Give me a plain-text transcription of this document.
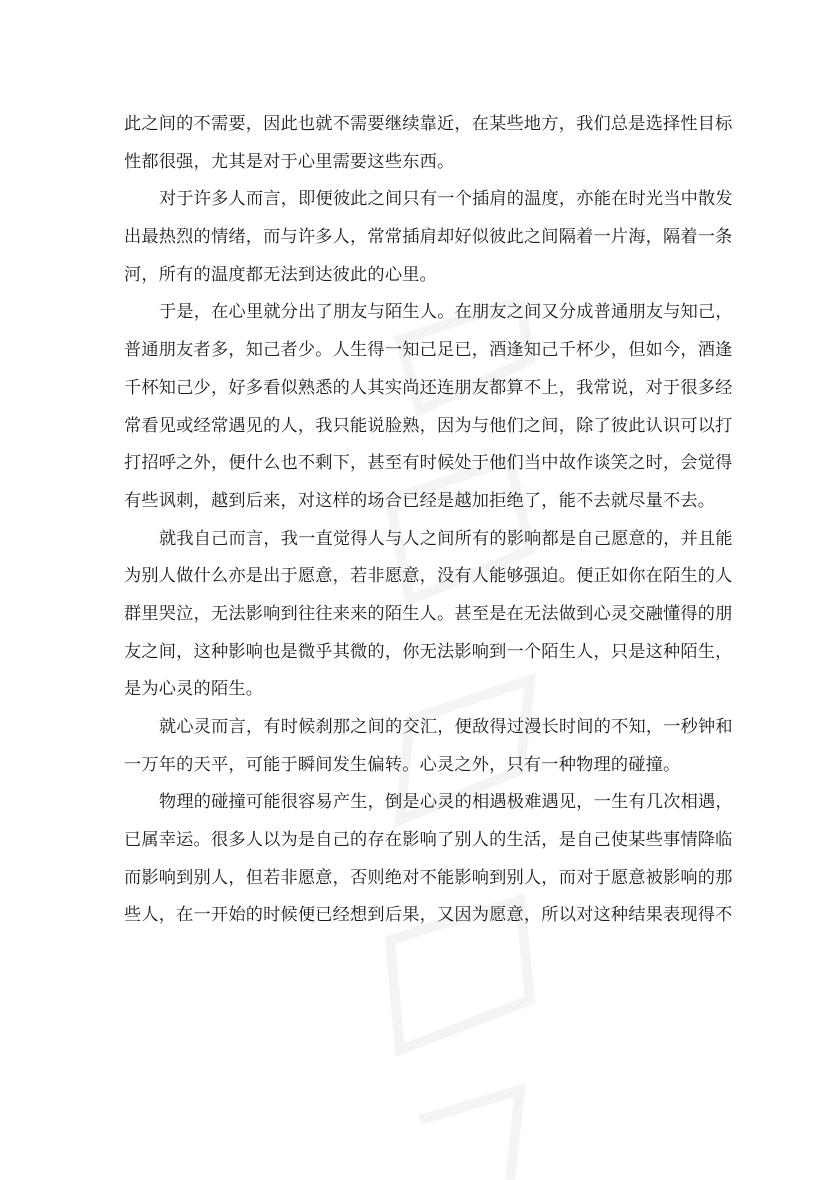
此之间的不需要，因此也就不需要继续靠近，在某些地方，我们总是选择性目标
性都很强，尤其是对于心里需要这些东西。
对于许多人而言，即便彼此之间只有一个插肩的温度，亦能在时光当中散发
出最热烈的情绪，而与许多人，常常插肩却好似彼此之间隔着一片海，隔着一条
河，所有的温度都无法到达彼此的心里。
于是，在心里就分出了朋友与陌生人。在朋友之间又分成普通朋友与知己，
普通朋友者多，知己者少。人生得一知己足已，酒逢知己千杯少，但如今，酒逢
千杯知己少，好多看似熟悉的人其实尚还连朋友都算不上，我常说，对于很多经
常看见或经常遇见的人，我只能说脸熟，因为与他们之间，除了彼此认识可以打
打招呼之外，便什么也不剩下，甚至有时候处于他们当中故作谈笑之时，会觉得
有些讽刺，越到后来，对这样的场合已经是越加拒绝了，能不去就尽量不去。
就我自己而言，我一直觉得人与人之间所有的影响都是自己愿意的，并且能
为别人做什么亦是出于愿意，若非愿意，没有人能够强迫。便正如你在陌生的人
群里哭泣，无法影响到往往来来的陌生人。甚至是在无法做到心灵交融懂得的朋
友之间，这种影响也是微乎其微的，你无法影响到一个陌生人，只是这种陌生，
是为心灵的陌生。
就心灵而言，有时候刹那之间的交汇，便敌得过漫长时间的不知，一秒钟和
一万年的天平，可能于瞬间发生偏转。心灵之外，只有一种物理的碰撞。
物理的碰撞可能很容易产生，倒是心灵的相遇极难遇见，一生有几次相遇，
已属幸运。很多人以为是自己的存在影响了别人的生活，是自己使某些事情降临
而影响到别人，但若非愿意，否则绝对不能影响到别人，而对于愿意被影响的那
些人，在一开始的时候便已经想到后果，又因为愿意，所以对这种结果表现得不
